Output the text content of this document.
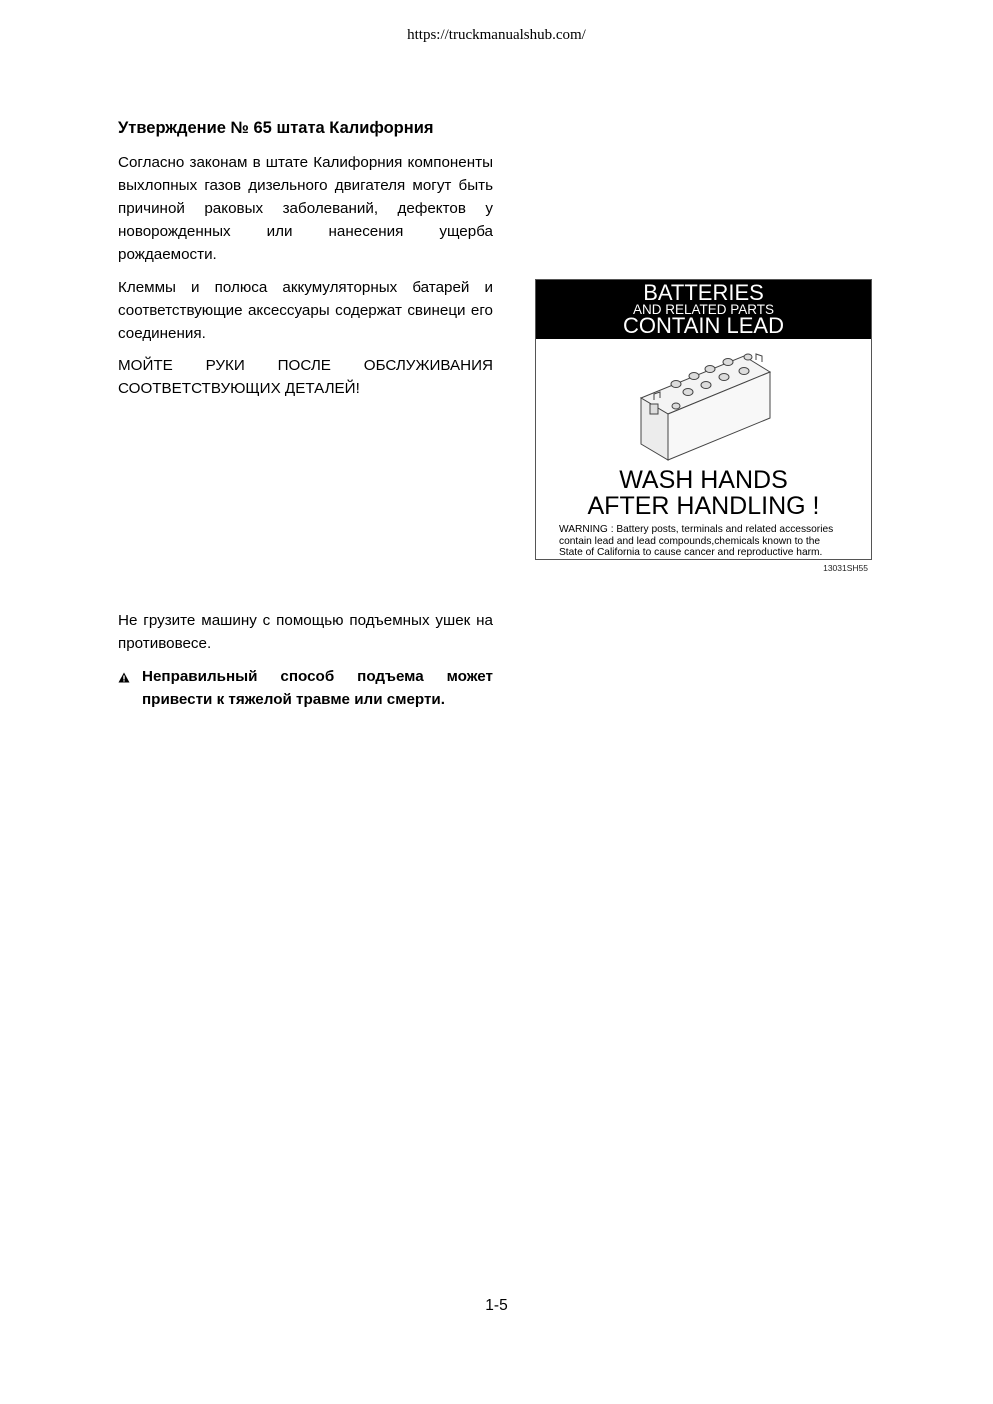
https://truckmanualshub.com/
Утверждение № 65 штата Калифорния

Согласно законам в штате Калифорния компоненты выхлопных газов дизельного двигателя могут быть причиной раковых заболеваний, дефектов у новорожденных или нанесения ущерба рождаемости.

Клеммы и полюса аккумуляторных батарей и соответствующие аксессуары содержат свинеци его соединения.

МОЙТЕ РУКИ ПОСЛЕ ОБСЛУЖИВАНИЯ
СООТВЕТСТВУЮЩИХ ДЕТАЛЕЙ!

BATTERIES
AND RELATED PARTS
CONTAIN LEAD
WASH HANDS
AFTER HANDLING !
WARNING : Battery posts, terminals and related accessories
contain lead and lead compounds,chemicals known to the
State of California to cause cancer and reproductive harm.
13031SH55

Не грузите машину с помощью подъемных ушек на противовесе.

Неправильный способ подъема может привести к тяжелой травме или смерти.

1-5
